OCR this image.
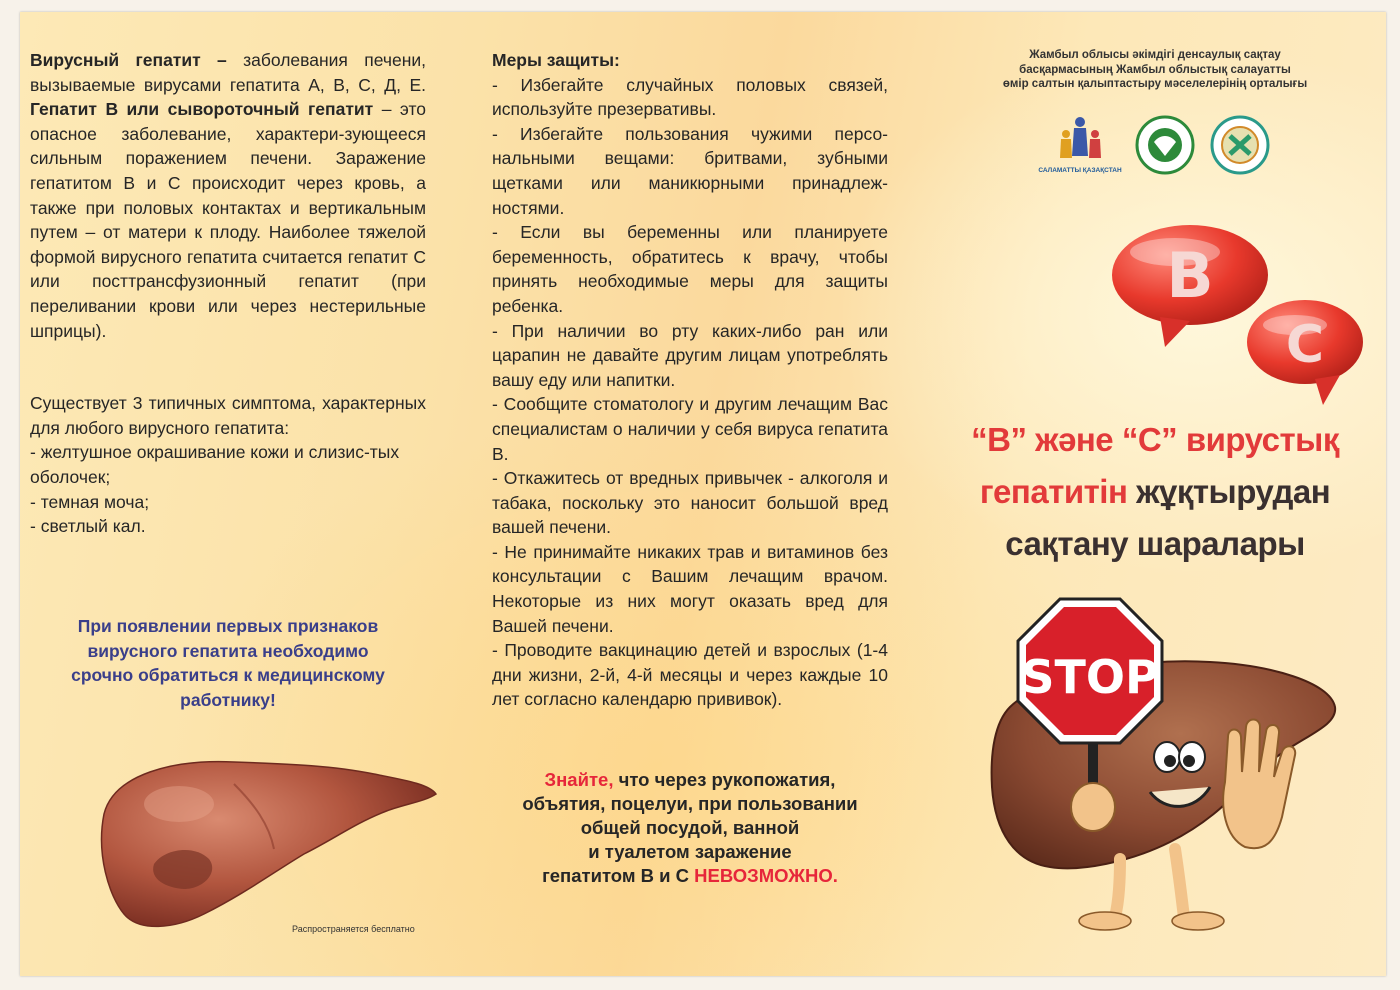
Вирусный гепатит – заболевания печени, вызываемые вирусами гепатита А, В, С, Д, Е. Гепатит В или сывороточный гепатит – это опасное заболевание, характери-зующееся сильным поражением печени. Заражение гепатитом В и С происходит через кровь, а также при половых контактах и вертикальным путем – от матери к плоду. Наиболее тяжелой формой вирусного гепатита считается гепатит С или посттрансфузионный гепатит (при переливании крови или через нестерильные шприцы).

Существует 3 типичных симптома, характерных для любого вирусного гепатита:

- желтушное окрашивание кожи и слизис-тых оболочек;
- темная моча;
- светлый кал.
При появлении первых признаков
вирусного гепатита необходимо
срочно обратиться к медицинскому
работнику!
Распространяется бесплатно
Меры защиты:

- Избегайте случайных половых связей, используйте презервативы.

- Избегайте пользования чужими персо-нальными вещами: бритвами, зубными щетками или маникюрными принадлеж-ностями.

- Если вы беременны или планируете беременность, обратитесь к врачу, чтобы принять необходимые меры для защиты ребенка.

- При наличии во рту каких-либо ран или царапин не давайте другим лицам употреблять вашу еду или напитки.

- Сообщите стоматологу и другим лечащим Вас специалистам о наличии у себя вируса гепатита В.

- Откажитесь от вредных привычек - алкоголя и табака, поскольку это наносит большой вред вашей печени.

- Не принимайте никаких трав и витаминов без консультации с Вашим лечащим врачом. Некоторые из них могут оказать вред для Вашей печени.

- Проводите вакцинацию детей и взрослых (1-4 дни жизни, 2-й, 4-й месяцы и через каждые 10 лет согласно календарю прививок).

Знайте, что через рукопожатия,
объятия, поцелуи, при пользовании
общей посудой, ванной
и туалетом заражение
гепатитом В и С НЕВОЗМОЖНО.
Жамбыл облысы әкімдігі денсаулық сақтау
басқармасының Жамбыл облыстық салауатты
өмір салтын қалыптастыру мәселелерінің орталығы
САЛАМАТТЫ ҚАЗАҚСТАН
B
C
“B” және “C” вирустық
гепатитін жұқтырудан
сақтану шаралары
STOP
